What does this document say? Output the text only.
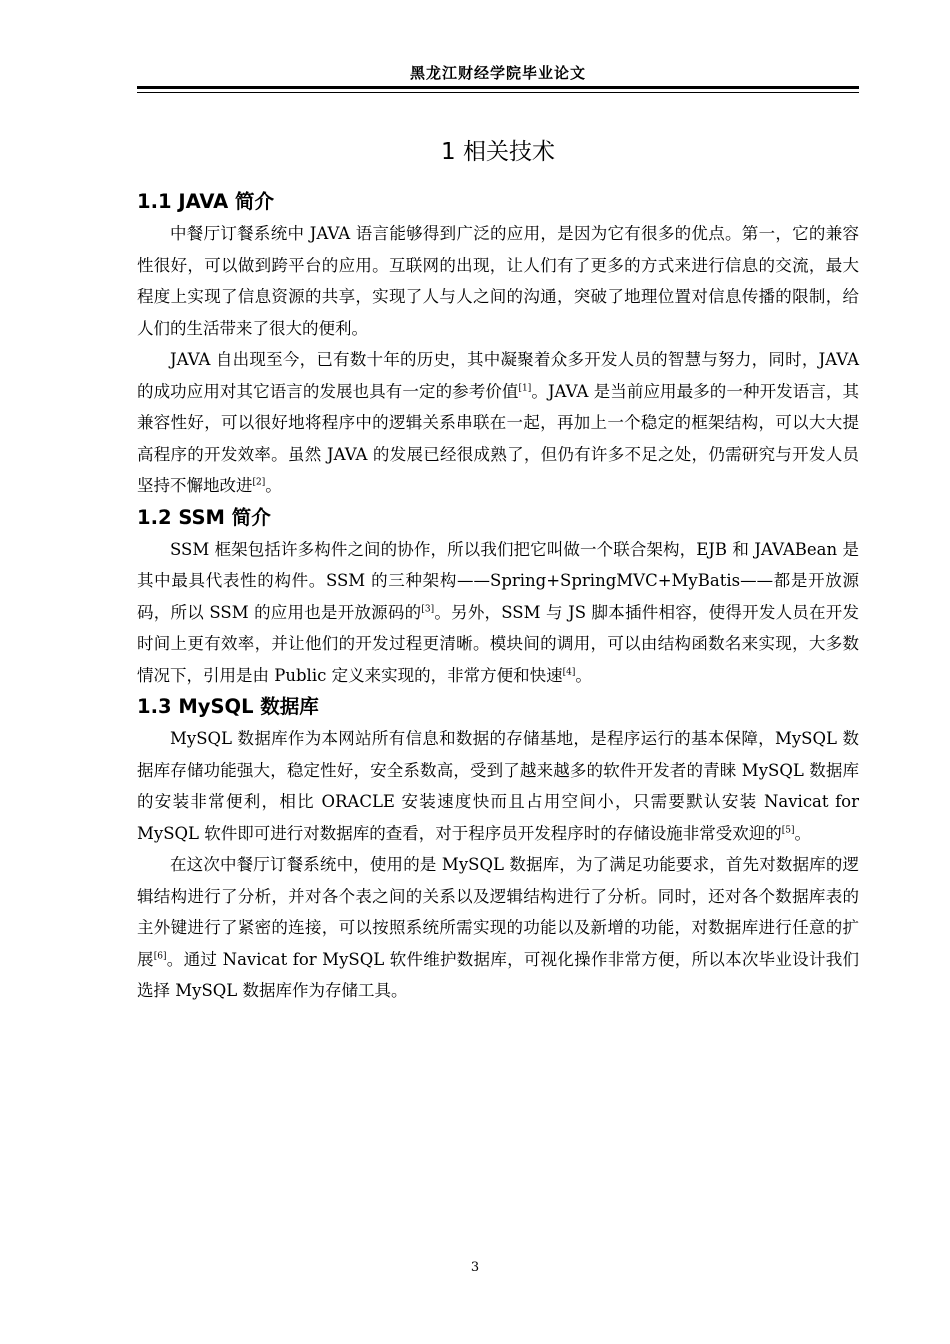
黑龙江财经学院毕业论文
1 相关技术
1.1 JAVA 简介

中餐厅订餐系统中 JAVA 语言能够得到广泛的应用，是因为它有很多的优点。第一，它的兼容性很好，可以做到跨平台的应用。互联网的出现，让人们有了更多的方式来进行信息的交流，最大程度上实现了信息资源的共享，实现了人与人之间的沟通，突破了地理位置对信息传播的限制，给人们的生活带来了很大的便利。

JAVA 自出现至今，已有数十年的历史，其中凝聚着众多开发人员的智慧与努力，同时，JAVA 的成功应用对其它语言的发展也具有一定的参考价值[1]。JAVA 是当前应用最多的一种开发语言，其兼容性好，可以很好地将程序中的逻辑关系串联在一起，再加上一个稳定的框架结构，可以大大提高程序的开发效率。虽然 JAVA 的发展已经很成熟了，但仍有许多不足之处，仍需研究与开发人员坚持不懈地改进[2]。

1.2 SSM 简介

SSM 框架包括许多构件之间的协作，所以我们把它叫做一个联合架构，EJB 和 JAVABean 是其中最具代表性的构件。SSM 的三种架构——Spring+SpringMVC+MyBatis——都是开放源码，所以 SSM 的应用也是开放源码的[3]。另外，SSM 与 JS 脚本插件相容，使得开发人员在开发时间上更有效率，并让他们的开发过程更清晰。模块间的调用，可以由结构函数名来实现，大多数情况下，引用是由 Public 定义来实现的，非常方便和快速[4]。

1.3 MySQL 数据库

MySQL 数据库作为本网站所有信息和数据的存储基地，是程序运行的基本保障，MySQL 数据库存储功能强大，稳定性好，安全系数高，受到了越来越多的软件开发者的青睐 MySQL 数据库的安装非常便利，相比 ORACLE 安装速度快而且占用空间小，只需要默认安装 Navicat for MySQL 软件即可进行对数据库的查看，对于程序员开发程序时的存储设施非常受欢迎的[5]。

在这次中餐厅订餐系统中，使用的是 MySQL 数据库，为了满足功能要求，首先对数据库的逻辑结构进行了分析，并对各个表之间的关系以及逻辑结构进行了分析。同时，还对各个数据库表的主外键进行了紧密的连接，可以按照系统所需实现的功能以及新增的功能，对数据库进行任意的扩展[6]。通过 Navicat for MySQL 软件维护数据库，可视化操作非常方便，所以本次毕业设计我们选择 MySQL 数据库作为存储工具。

3
